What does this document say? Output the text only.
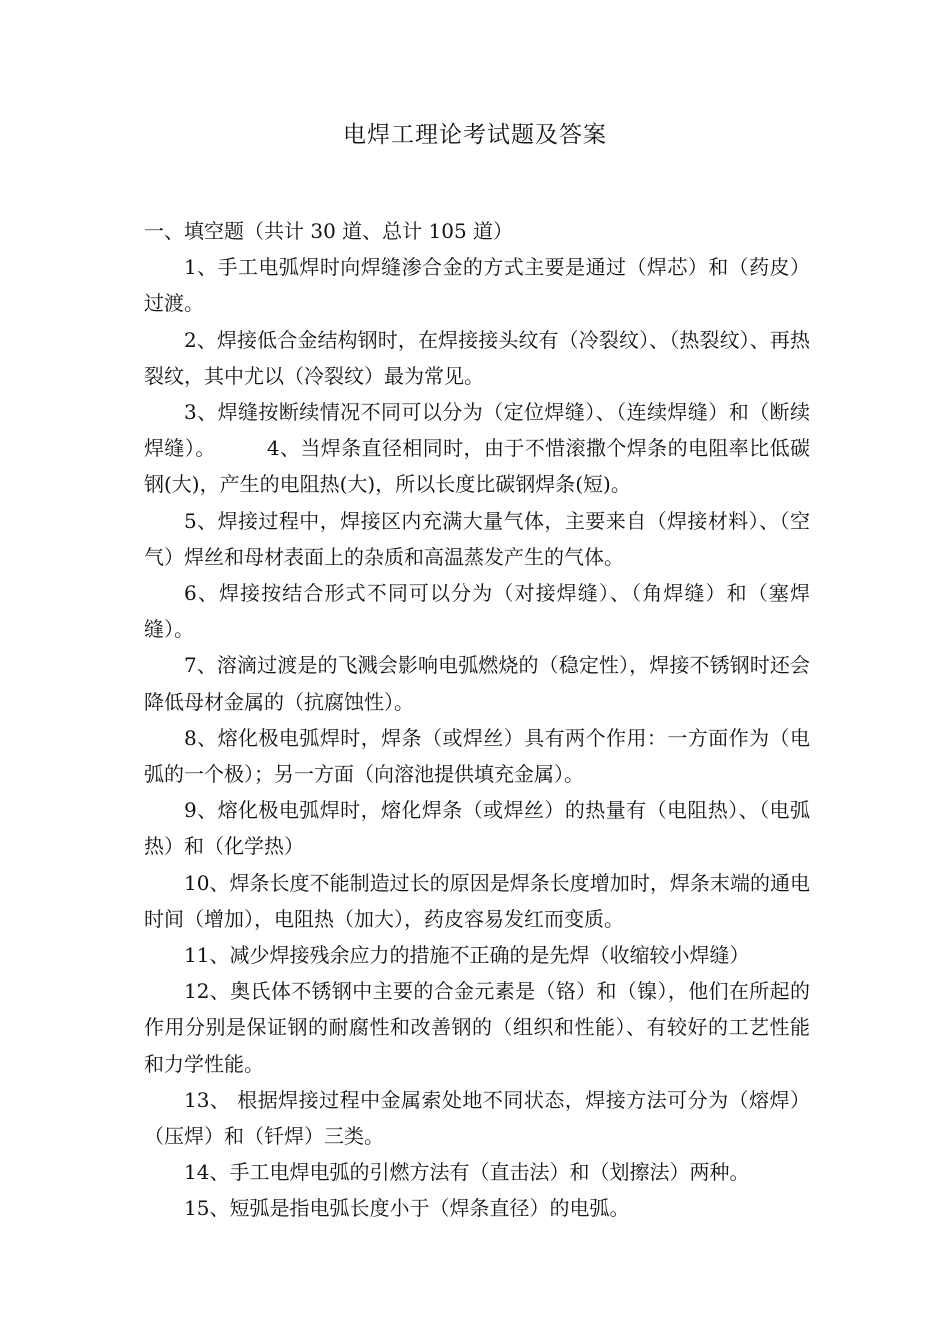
电焊工理论考试题及答案

一、填空题（共计 30 道、总计 105 道）

1、手工电弧焊时向焊缝渗合金的方式主要是通过（焊芯）和（药皮）过渡。

2、焊接低合金结构钢时，在焊接接头纹有（冷裂纹）、（热裂纹）、再热裂纹，其中尤以（冷裂纹）最为常见。

3、焊缝按断续情况不同可以分为（定位焊缝）、（连续焊缝）和（断续焊缝）。　　　4、当焊条直径相同时，由于不惜滚撒个焊条的电阻率比低碳钢(大)，产生的电阻热(大)，所以长度比碳钢焊条(短)。

5、焊接过程中，焊接区内充满大量气体，主要来自（焊接材料）、（空气）焊丝和母材表面上的杂质和高温蒸发产生的气体。

6、焊接按结合形式不同可以分为（对接焊缝）、（角焊缝）和（塞焊缝）。

7、溶滴过渡是的飞溅会影响电弧燃烧的（稳定性），焊接不锈钢时还会降低母材金属的（抗腐蚀性）。

8、熔化极电弧焊时，焊条（或焊丝）具有两个作用：一方面作为（电弧的一个极）；另一方面（向溶池提供填充金属）。

9、熔化极电弧焊时，熔化焊条（或焊丝）的热量有（电阻热）、（电弧热）和（化学热）

10、焊条长度不能制造过长的原因是焊条长度增加时，焊条末端的通电时间（增加），电阻热（加大），药皮容易发红而变质。

11、减少焊接残余应力的措施不正确的是先焊（收缩较小焊缝）

12、奥氏体不锈钢中主要的合金元素是（铬）和（镍），他们在所起的作用分别是保证钢的耐腐性和改善钢的（组织和性能）、有较好的工艺性能和力学性能。

13、 根据焊接过程中金属索处地不同状态，焊接方法可分为（熔焊）（压焊）和（钎焊）三类。

14、手工电焊电弧的引燃方法有（直击法）和（划擦法）两种。

15、短弧是指电弧长度小于（焊条直径）的电弧。
